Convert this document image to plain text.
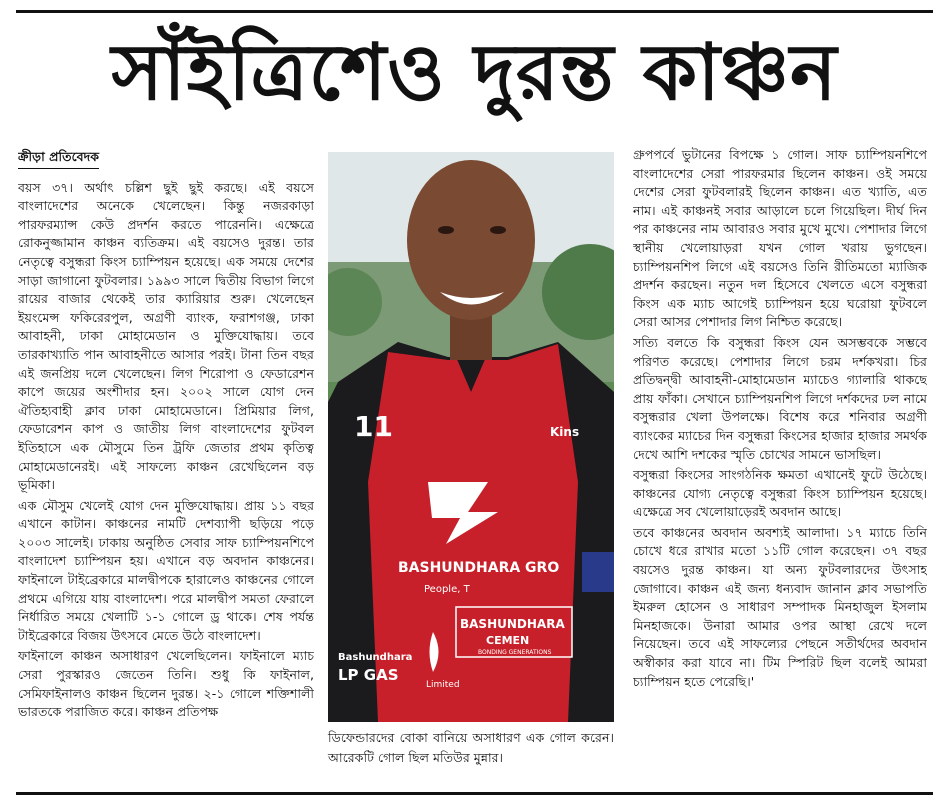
সাঁইত্রিশেও দুরন্ত কাঞ্চন
ক্রীড়া প্রতিবেদক

বয়স ৩৭। অর্থাৎ চল্লিশ ছুই ছুই করছে। এই বয়সে বাংলাদেশের অনেকে খেলেছেন। কিন্তু নজরকাড়া পারফরম্যান্স কেউ প্রদর্শন করতে পারেননি। এক্ষেত্রে রোকনুজ্জামান কাঞ্চন ব্যতিক্রম। এই বয়সেও দুরন্ত। তার নেতৃত্বে বসুন্ধরা কিংস চ্যাম্পিয়ন হয়েছে। এক সময়ে দেশের সাড়া জাগানো ফুটবলার। ১৯৯৩ সালে দ্বিতীয় বিভাগ লিগে রায়ের বাজার থেকেই তার ক্যারিয়ার শুরু। খেলেছেন ইয়ংমেন্স ফকিরেরপুল, অগ্রণী ব্যাংক, ফরাশগঞ্জ, ঢাকা আবাহনী, ঢাকা মোহামেডান ও মুক্তিযোদ্ধায়। তবে তারকাখ্যাতি পান আবাহনীতে আসার পরই। টানা তিন বছর এই জনপ্রিয় দলে খেলেছেন। লিগ শিরোপা ও ফেডারেশন কাপে জয়ের অংশীদার হন। ২০০২ সালে যোগ দেন ঐতিহ্যবাহী ক্লাব ঢাকা মোহামেডানে। প্রিমিয়ার লিগ, ফেডারেশন কাপ ও জাতীয় লিগ বাংলাদেশের ফুটবল ইতিহাসে এক মৌসুমে তিন ট্রফি জেতার প্রথম কৃতিত্ব মোহামেডানেরই। এই সাফল্যে কাঞ্চন রেখেছিলেন বড় ভূমিকা।

এক মৌসুম খেলেই যোগ দেন মুক্তিযোদ্ধায়। প্রায় ১১ বছর এখানে কাটান। কাঞ্চনের নামটি দেশব্যাপী ছড়িয়ে পড়ে ২০০৩ সালেই। ঢাকায় অনুষ্ঠিত সেবার সাফ চ্যাম্পিয়নশিপে বাংলাদেশ চ্যাম্পিয়ন হয়। এখানে বড় অবদান কাঞ্চনের। ফাইনালে টাইব্রেকারে মালদ্বীপকে হারালেও কাঞ্চনের গোলে প্রথমে এগিয়ে যায় বাংলাদেশ। পরে মালদ্বীপ সমতা ফেরালে নির্ধারিত সময়ে খেলাটি ১-১ গোলে ড্র থাকে। শেষ পর্যন্ত টাইব্রেকারে বিজয় উৎসবে মেতে উঠে বাংলাদেশ।

ফাইনালে কাঞ্চন অসাধারণ খেলেছিলেন। ফাইনালে ম্যাচ সেরা পুরস্কারও জেতেন তিনি। শুধু কি ফাইনাল, সেমিফাইনালও কাঞ্চন ছিলেন দুরন্ত। ২-১ গোলে শক্তিশালী ভারতকে পরাজিত করে। কাঞ্চন প্রতিপক্ষ

11	Kins
BASHUNDHARA GRO
People, T
BASHUNDHARA
CEMEN
BONDING GENERATIONS
Bashundhara
LP GAS
Limited
ডিফেন্ডারদের বোকা বানিয়ে অসাধারণ এক গোল করেন। আরেকটি গোল ছিল মতিউর মুন্নার।

গ্রুপপর্বে ভুটানের বিপক্ষে ১ গোল। সাফ চ্যাম্পিয়নশিপে বাংলাদেশের সেরা পারফরমার ছিলেন কাঞ্চন। ওই সময়ে দেশের সেরা ফুটবলারই ছিলেন কাঞ্চন। এত খ্যাতি, এত নাম। এই কাঞ্চনই সবার আড়ালে চলে গিয়েছিল। দীর্ঘ দিন পর কাঞ্চনের নাম আবারও সবার মুখে মুখে। পেশাদার লিগে স্থানীয় খেলোয়াড়রা যখন গোল খরায় ভুগছেন। চ্যাম্পিয়নশিপ লিগে এই বয়সেও তিনি রীতিমতো ম্যাজিক প্রদর্শন করছেন। নতুন দল হিসেবে খেলতে এসে বসুন্ধরা কিংস এক ম্যাচ আগেই চ্যাম্পিয়ন হয়ে ঘরোয়া ফুটবলে সেরা আসর পেশাদার লিগ নিশ্চিত করেছে।

সত্যি বলতে কি বসুন্ধরা কিংস যেন অসম্ভবকে সম্ভবে পরিণত করেছে। পেশাদার লিগে চরম দর্শকখরা। চির প্রতিদ্বন্দ্বী আবাহনী-মোহামেডান ম্যাচেও গ্যালারি থাকছে প্রায় ফাঁকা। সেখানে চ্যাম্পিয়নশিপ লিগে দর্শকদের ঢল নামে বসুন্ধরার খেলা উপলক্ষে। বিশেষ করে শনিবার অগ্রণী ব্যাংকের ম্যাচের দিন বসুন্ধরা কিংসের হাজার হাজার সমর্থক দেখে আশি দশকের স্মৃতি চোখের সামনে ভাসছিল।

বসুন্ধরা কিংসের সাংগঠনিক ক্ষমতা এখানেই ফুটে উঠেছে। কাঞ্চনের যোগ্য নেতৃত্বে বসুন্ধরা কিংস চ্যাম্পিয়ন হয়েছে। এক্ষেত্রে সব খেলোয়াড়েরই অবদান আছে।

তবে কাঞ্চনের অবদান অবশ্যই আলাদা। ১৭ ম্যাচে তিনি চোখে ধরে রাখার মতো ১১টি গোল করেছেন। ৩৭ বছর বয়সেও দুরন্ত কাঞ্চন। যা অন্য ফুটবলারদের উৎসাহ জোগাবে। কাঞ্চন এই জন্য ধন্যবাদ জানান ক্লাব সভাপতি ইমরুল হোসেন ও সাধারণ সম্পাদক মিনহাজুল ইসলাম মিনহাজকে। উনারা আমার ওপর আস্থা রেখে দলে নিয়েছেন। তবে এই সাফল্যের পেছনে সতীর্থদের অবদান অস্বীকার করা যাবে না। টিম স্পিরিট ছিল বলেই আমরা চ্যাম্পিয়ন হতে পেরেছি।'
